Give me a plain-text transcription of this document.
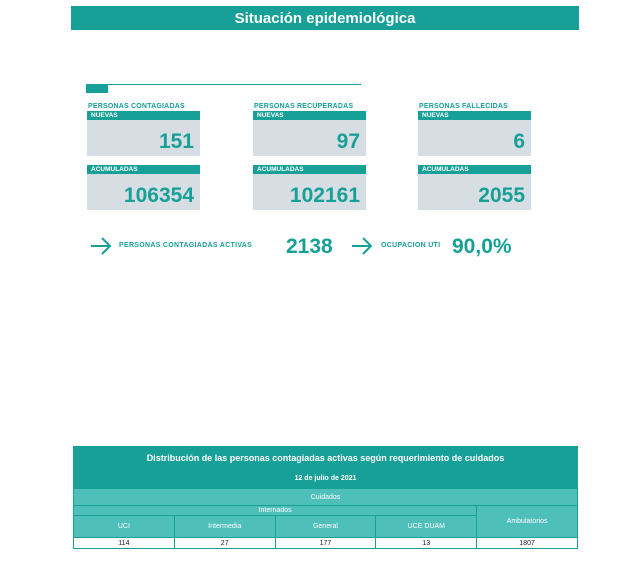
Situación epidemiológica
PERSONAS CONTAGIADAS
NUEVAS
151
ACUMULADAS
106354
PERSONAS RECUPERADAS
NUEVAS
97
ACUMULADAS
102161
PERSONAS FALLECIDAS
NUEVAS
6
ACUMULADAS
2055
PERSONAS CONTAGIADAS ACTIVAS 2138	OCUPACION UTI 90,0%
Distribución de las personas contagiadas activas según requerimiento de cuidados
12 de julio de 2021
Cuidados				
Internados				Ambulatorios
UCI	Intermedia	General	UCE DUAM	
114	27	177	13	1807
